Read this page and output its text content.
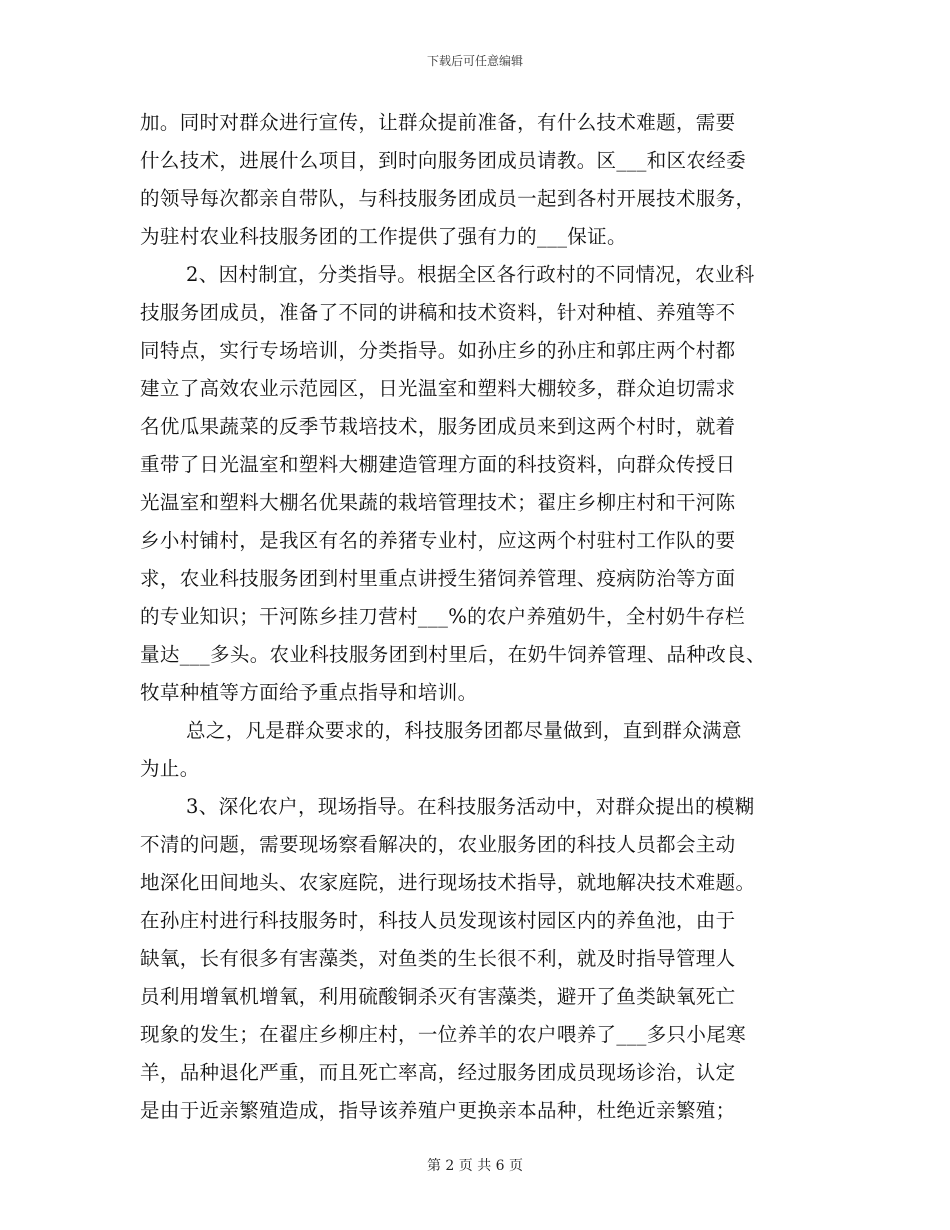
下载后可任意编辑
加。同时对群众进行宣传，让群众提前准备，有什么技术难题，需要
什么技术，进展什么项目，到时向服务团成员请教。区___和区农经委
的领导每次都亲自带队，与科技服务团成员一起到各村开展技术服务，
为驻村农业科技服务团的工作提供了强有力的___保证。
2、因村制宜，分类指导。根据全区各行政村的不同情况，农业科
技服务团成员，准备了不同的讲稿和技术资料，针对种植、养殖等不
同特点，实行专场培训，分类指导。如孙庄乡的孙庄和郭庄两个村都
建立了高效农业示范园区，日光温室和塑料大棚较多，群众迫切需求
名优瓜果蔬菜的反季节栽培技术，服务团成员来到这两个村时，就着
重带了日光温室和塑料大棚建造管理方面的科技资料，向群众传授日
光温室和塑料大棚名优果蔬的栽培管理技术；翟庄乡柳庄村和干河陈
乡小村铺村，是我区有名的养猪专业村，应这两个村驻村工作队的要
求，农业科技服务团到村里重点讲授生猪饲养管理、疫病防治等方面
的专业知识；干河陈乡挂刀营村___%的农户养殖奶牛，全村奶牛存栏
量达___多头。农业科技服务团到村里后，在奶牛饲养管理、品种改良、
牧草种植等方面给予重点指导和培训。
总之，凡是群众要求的，科技服务团都尽量做到，直到群众满意
为止。
3、深化农户，现场指导。在科技服务活动中，对群众提出的模糊
不清的问题，需要现场察看解决的，农业服务团的科技人员都会主动
地深化田间地头、农家庭院，进行现场技术指导，就地解决技术难题。
在孙庄村进行科技服务时，科技人员发现该村园区内的养鱼池，由于
缺氧，长有很多有害藻类，对鱼类的生长很不利，就及时指导管理人
员利用增氧机增氧，利用硫酸铜杀灭有害藻类，避开了鱼类缺氧死亡
现象的发生；在翟庄乡柳庄村，一位养羊的农户喂养了___多只小尾寒
羊，品种退化严重，而且死亡率高，经过服务团成员现场诊治，认定
是由于近亲繁殖造成，指导该养殖户更换亲本品种，杜绝近亲繁殖；
第 2 页 共 6 页
